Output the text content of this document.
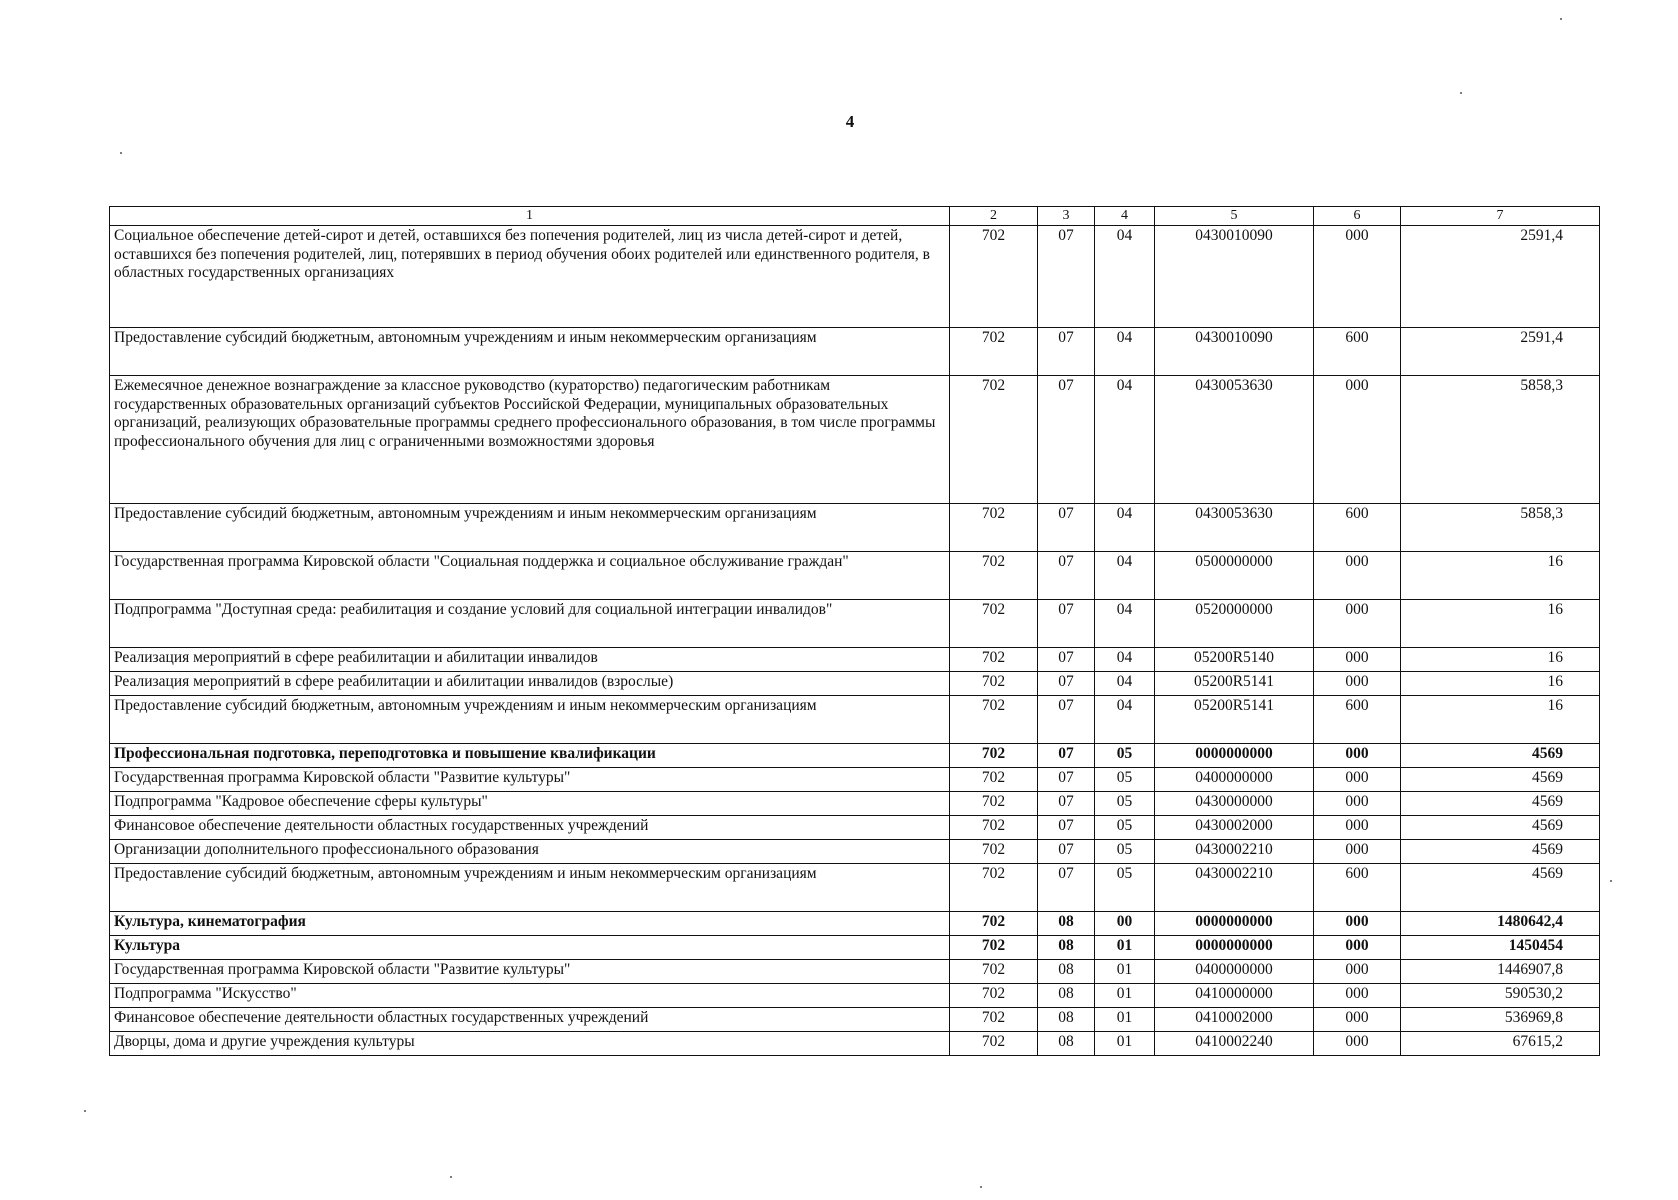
4
1	2	3	4	5	6	7
Социальное обеспечение детей-сирот и детей, оставшихся без попечения родителей, лиц из числа детей-сирот и детей, оставшихся без попечения родителей, лиц, потерявших в период обучения обоих родителей или единственного родителя, в областных государственных организациях	702	07	04	0430010090	000	2591,4
Предоставление субсидий бюджетным, автономным учреждениям и иным некоммерческим организациям	702	07	04	0430010090	600	2591,4
Ежемесячное денежное вознаграждение за классное руководство (кураторство) педагогическим работникам государственных образовательных организаций субъектов Российской Федерации, муниципальных образовательных организаций, реализующих образовательные программы среднего профессионального образования, в том числе программы профессионального обучения для лиц с ограниченными возможностями здоровья	702	07	04	0430053630	000	5858,3
Предоставление субсидий бюджетным, автономным учреждениям и иным некоммерческим организациям	702	07	04	0430053630	600	5858,3
Государственная программа Кировской области "Социальная поддержка и социальное обслуживание граждан"	702	07	04	0500000000	000	16
Подпрограмма "Доступная среда: реабилитация и создание условий для социальной интеграции инвалидов"	702	07	04	0520000000	000	16
Реализация мероприятий в сфере реабилитации и абилитации инвалидов	702	07	04	05200R5140	000	16
Реализация мероприятий в сфере реабилитации и абилитации инвалидов (взрослые)	702	07	04	05200R5141	000	16
Предоставление субсидий бюджетным, автономным учреждениям и иным некоммерческим организациям	702	07	04	05200R5141	600	16
Профессиональная подготовка, переподготовка и повышение квалификации	702	07	05	0000000000	000	4569
Государственная программа Кировской области "Развитие культуры"	702	07	05	0400000000	000	4569
Подпрограмма "Кадровое обеспечение сферы культуры"	702	07	05	0430000000	000	4569
Финансовое обеспечение деятельности областных государственных учреждений	702	07	05	0430002000	000	4569
Организации дополнительного профессионального образования	702	07	05	0430002210	000	4569
Предоставление субсидий бюджетным, автономным учреждениям и иным некоммерческим организациям	702	07	05	0430002210	600	4569
Культура, кинематография	702	08	00	0000000000	000	1480642,4
Культура	702	08	01	0000000000	000	1450454
Государственная программа Кировской области "Развитие культуры"	702	08	01	0400000000	000	1446907,8
Подпрограмма "Искусство"	702	08	01	0410000000	000	590530,2
Финансовое обеспечение деятельности областных государственных учреждений	702	08	01	0410002000	000	536969,8
Дворцы, дома и другие учреждения культуры	702	08	01	0410002240	000	67615,2
